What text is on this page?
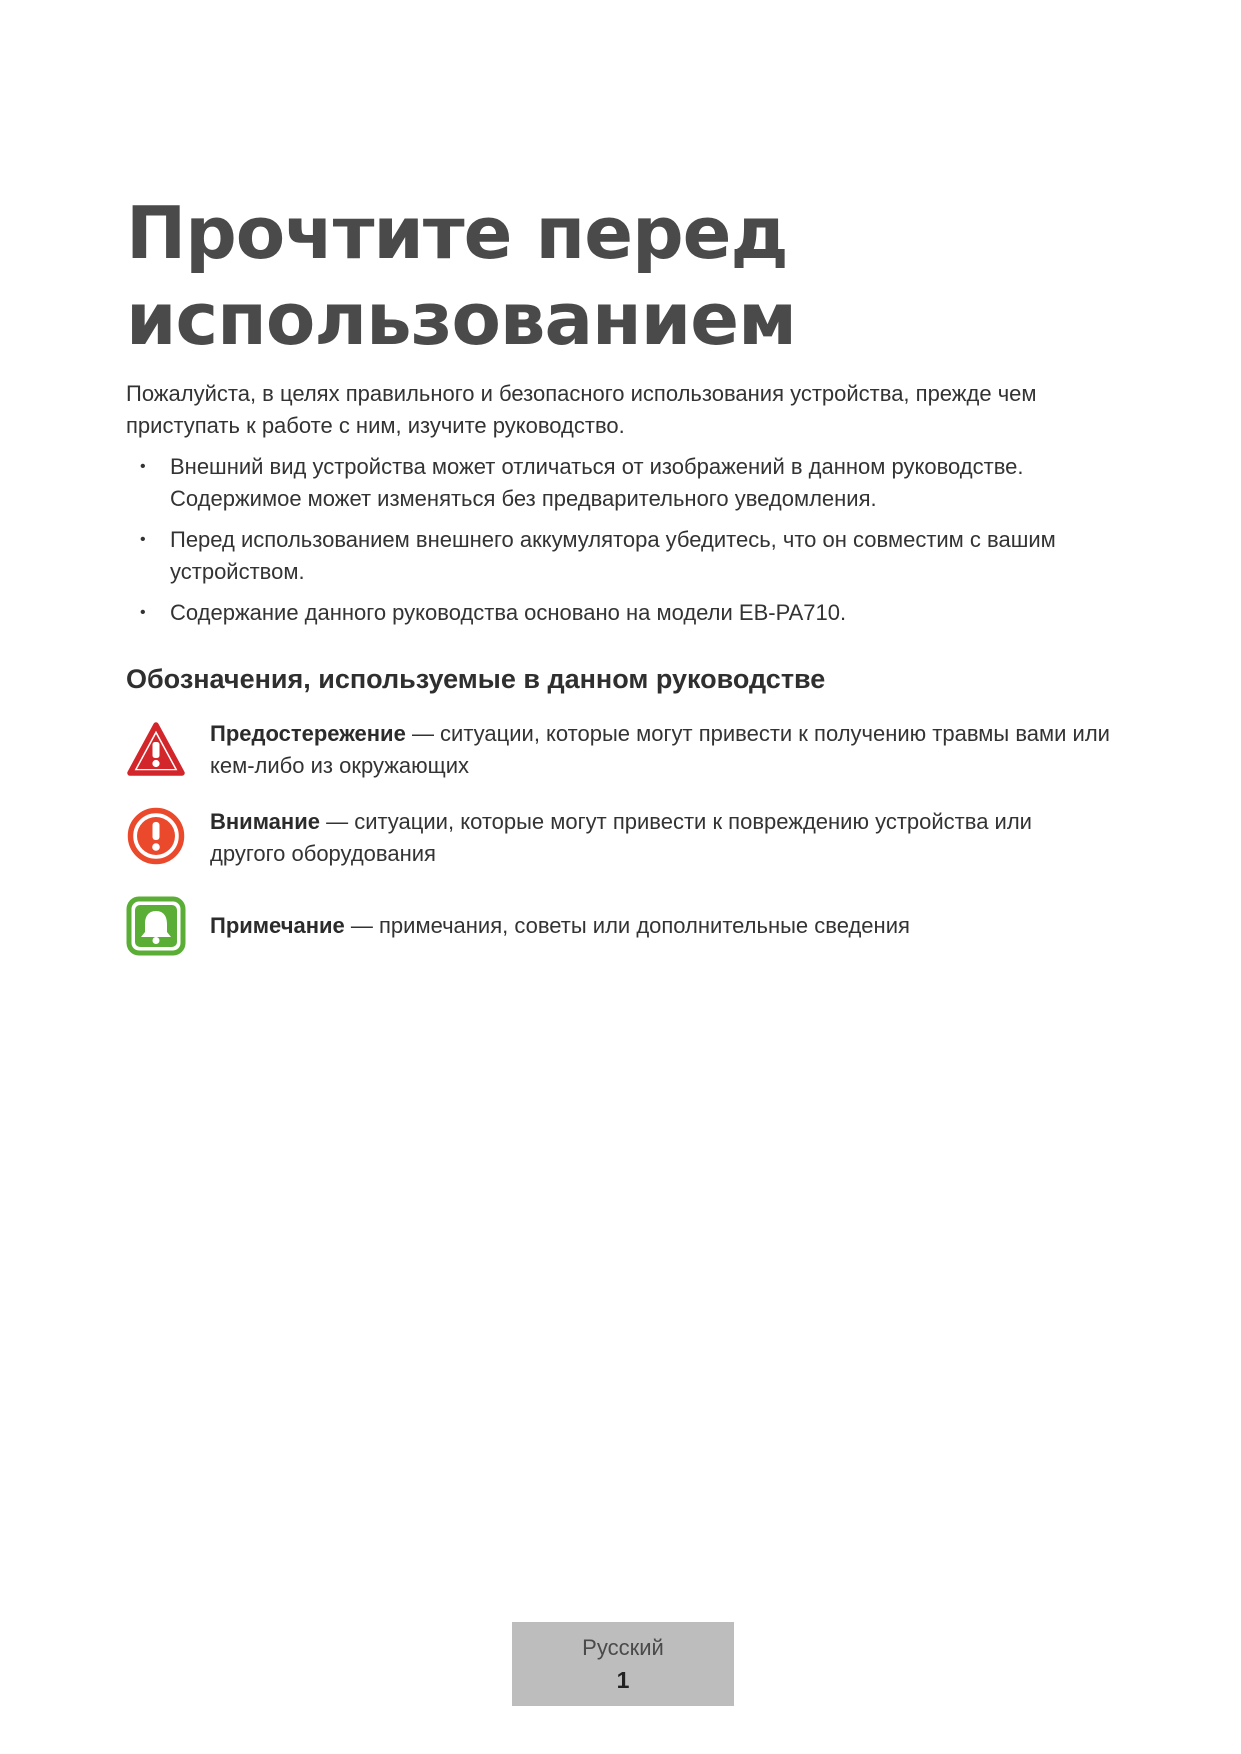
Прочтите перед
использованием

Пожалуйста, в целях правильного и безопасного использования устройства, прежде чем приступать к работе с ним, изучите руководство.

• Внешний вид устройства может отличаться от изображений в данном руководстве. Содержимое может изменяться без предварительного уведомления.
• Перед использованием внешнего аккумулятора убедитесь, что он совместим с вашим устройством.
• Содержание данного руководства основано на модели EB-PA710.
Обозначения, используемые в данном руководстве
Предостережение — ситуации, которые могут привести к получению травмы вами или кем-либо из окружающих
Внимание — ситуации, которые могут привести к повреждению устройства или другого оборудования
Примечание — примечания, советы или дополнительные сведения
Русский
1
